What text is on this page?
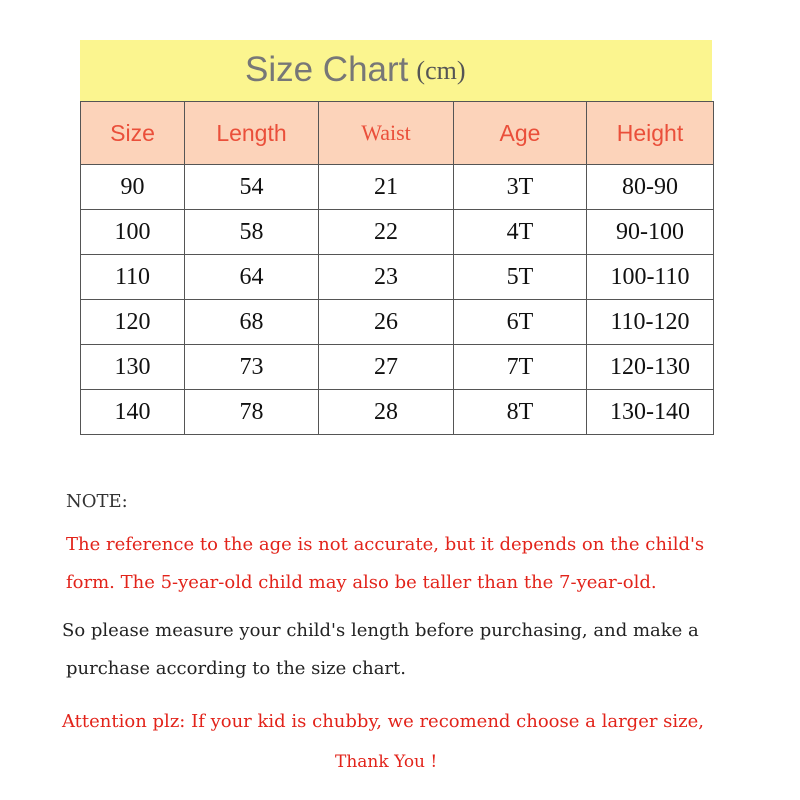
Size Chart (cm)
Size	Length	Waist	Age	Height
90	54	21	3T	80-90
100	58	22	4T	90-100
110	64	23	5T	100-110
120	68	26	6T	110-120
130	73	27	7T	120-130
140	78	28	8T	130-140
NOTE:
The reference to the age is not accurate, but it depends on the child's
form. The 5-year-old child may also be taller than the 7-year-old.
So please measure your child's length before purchasing, and make a
purchase according to the size chart.
Attention plz: If your kid is chubby, we recomend choose a larger size,
Thank You !
